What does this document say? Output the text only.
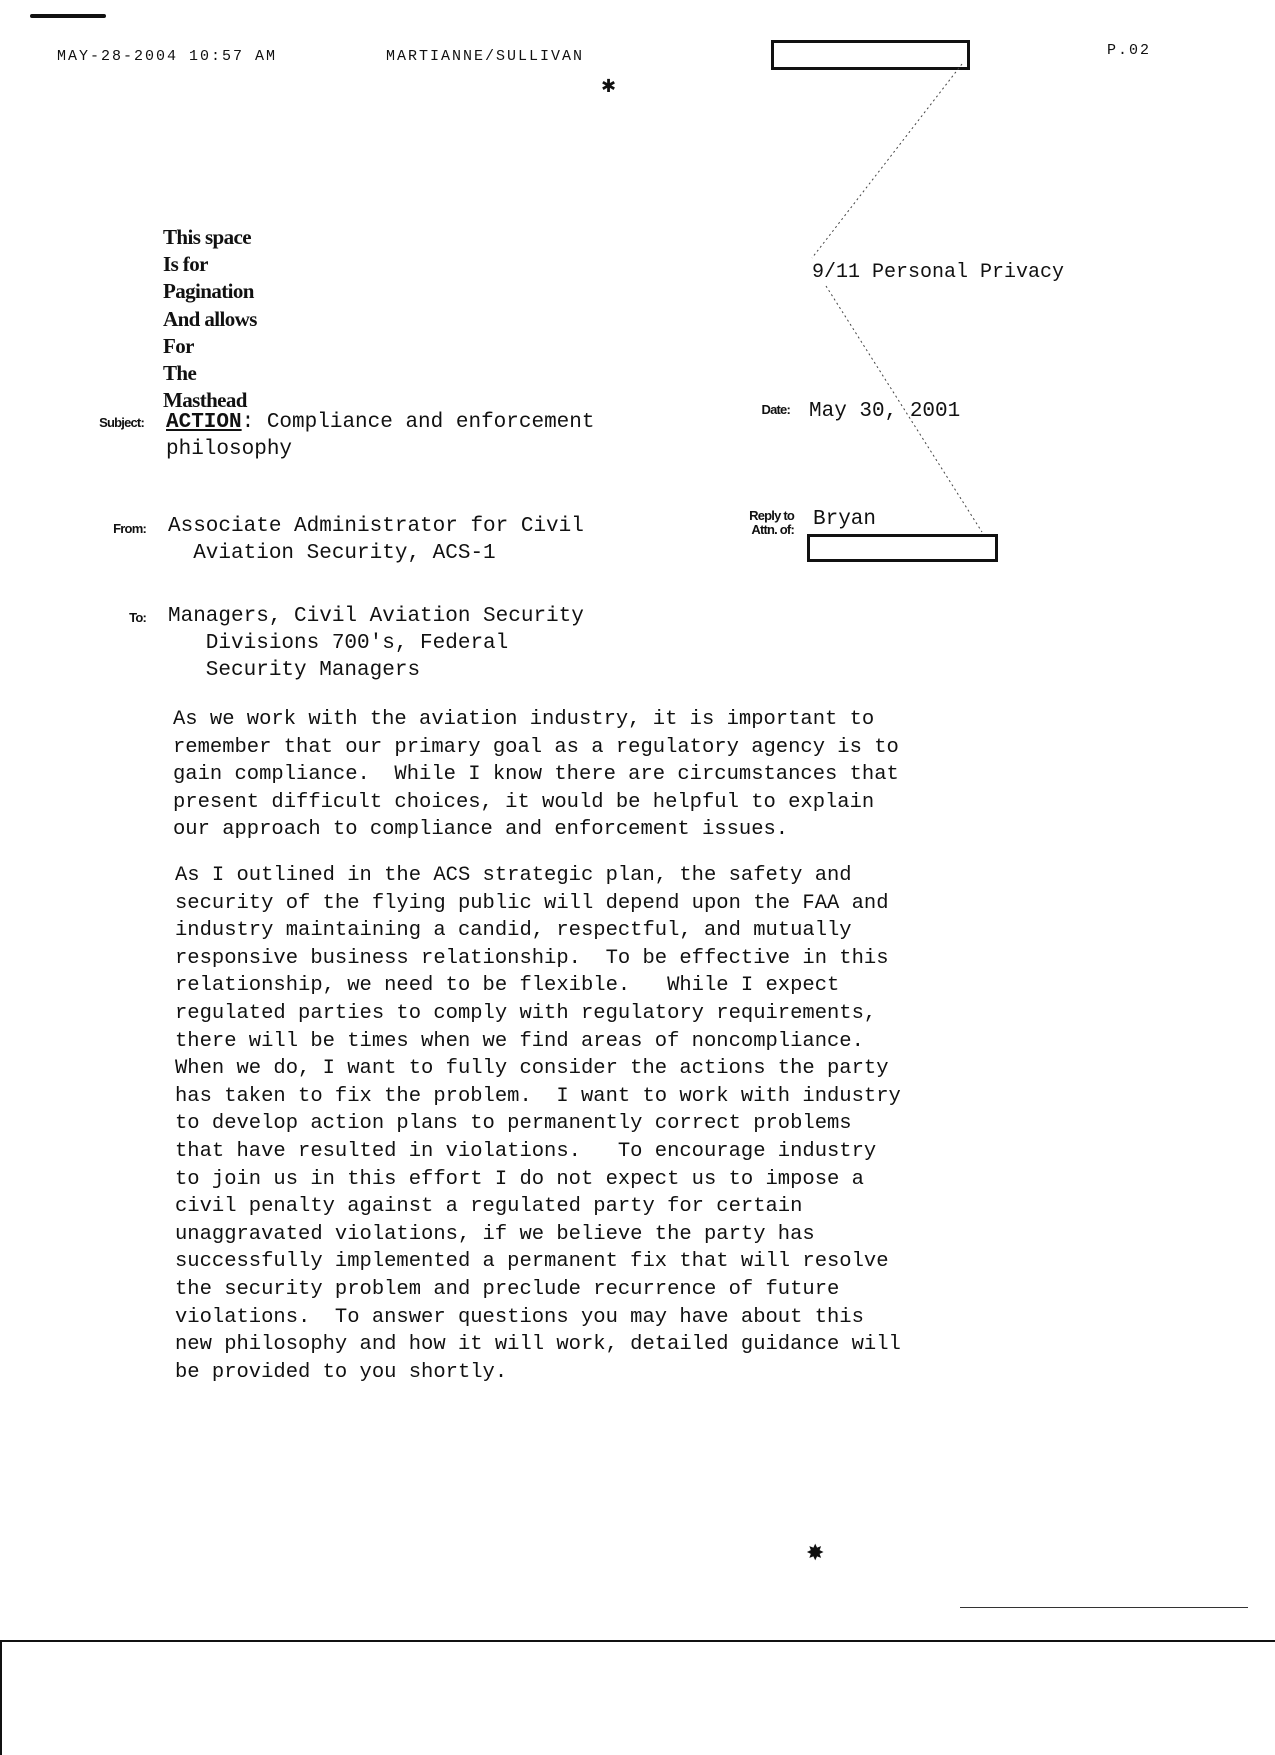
MAY-28-2004 10:57 AM	MARTIANNE/SULLIVAN	P.02
✱
9/11 Personal Privacy
This space
Is for
Pagination
And allows
For
The
Masthead
Subject: ACTION: Compliance and enforcement
philosophy
Date: May 30, 2001
From: Associate Administrator for Civil
Aviation Security, ACS-1
Reply to
Attn. of: Bryan
To: Managers, Civil Aviation Security
Divisions 700's, Federal
Security Managers
As we work with the aviation industry, it is important to
remember that our primary goal as a regulatory agency is to
gain compliance.  While I know there are circumstances that
present difficult choices, it would be helpful to explain
our approach to compliance and enforcement issues.
As I outlined in the ACS strategic plan, the safety and
security of the flying public will depend upon the FAA and
industry maintaining a candid, respectful, and mutually
responsive business relationship.  To be effective in this
relationship, we need to be flexible.   While I expect
regulated parties to comply with regulatory requirements,
there will be times when we find areas of noncompliance.
When we do, I want to fully consider the actions the party
has taken to fix the problem.  I want to work with industry
to develop action plans to permanently correct problems
that have resulted in violations.   To encourage industry
to join us in this effort I do not expect us to impose a
civil penalty against a regulated party for certain
unaggravated violations, if we believe the party has
successfully implemented a permanent fix that will resolve
the security problem and preclude recurrence of future
violations.  To answer questions you may have about this
new philosophy and how it will work, detailed guidance will
be provided to you shortly.
✸
